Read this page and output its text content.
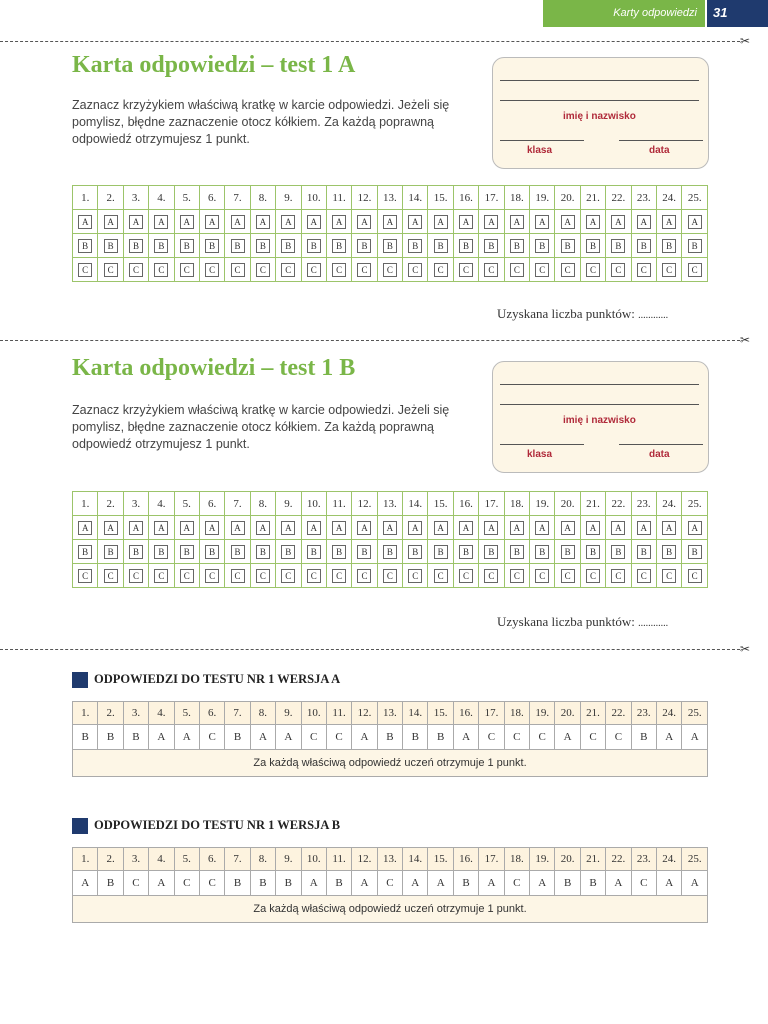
Karty odpowiedzi 31
✂
✂
✂
Karta odpowiedzi – test 1 A

Zaznacz krzyżykiem właściwą kratkę w karcie odpowiedzi. Jeżeli się pomylisz, błędne zaznaczenie otocz kółkiem. Za każdą poprawną odpowiedź otrzymujesz 1 punkt.

imię i nazwisko
klasa	data
1.	2.	3.	4.	5.	6.	7.	8.	9.	10.	11.	12.	13.	14.	15.	16.	17.	18.	19.	20.	21.	22.	23.	24.	25.
A	A	A	A	A	A	A	A	A	A	A	A	A	A	A	A	A	A	A	A	A	A	A	A	A
B	B	B	B	B	B	B	B	B	B	B	B	B	B	B	B	B	B	B	B	B	B	B	B	B
C	C	C	C	C	C	C	C	C	C	C	C	C	C	C	C	C	C	C	C	C	C	C	C	C
Uzyskana liczba punktów: ............
Karta odpowiedzi – test 1 B

Zaznacz krzyżykiem właściwą kratkę w karcie odpowiedzi. Jeżeli się pomylisz, błędne zaznaczenie otocz kółkiem. Za każdą poprawną odpowiedź otrzymujesz 1 punkt.

imię i nazwisko
klasa	data
1.	2.	3.	4.	5.	6.	7.	8.	9.	10.	11.	12.	13.	14.	15.	16.	17.	18.	19.	20.	21.	22.	23.	24.	25.
A	A	A	A	A	A	A	A	A	A	A	A	A	A	A	A	A	A	A	A	A	A	A	A	A
B	B	B	B	B	B	B	B	B	B	B	B	B	B	B	B	B	B	B	B	B	B	B	B	B
C	C	C	C	C	C	C	C	C	C	C	C	C	C	C	C	C	C	C	C	C	C	C	C	C
Uzyskana liczba punktów: ............
ODPOWIEDZI DO TESTU NR 1 WERSJA A
1.	2.	3.	4.	5.	6.	7.	8.	9.	10.	11.	12.	13.	14.	15.	16.	17.	18.	19.	20.	21.	22.	23.	24.	25.
B	B	B	A	A	C	B	A	A	C	C	A	B	B	B	A	C	C	C	A	C	C	B	A	A
Za każdą właściwą odpowiedź uczeń otrzymuje 1 punkt.																								
ODPOWIEDZI DO TESTU NR 1 WERSJA B
1.	2.	3.	4.	5.	6.	7.	8.	9.	10.	11.	12.	13.	14.	15.	16.	17.	18.	19.	20.	21.	22.	23.	24.	25.
A	B	C	A	C	C	B	B	B	A	B	A	C	A	A	B	A	C	A	B	B	A	C	A	A
Za każdą właściwą odpowiedź uczeń otrzymuje 1 punkt.																								
